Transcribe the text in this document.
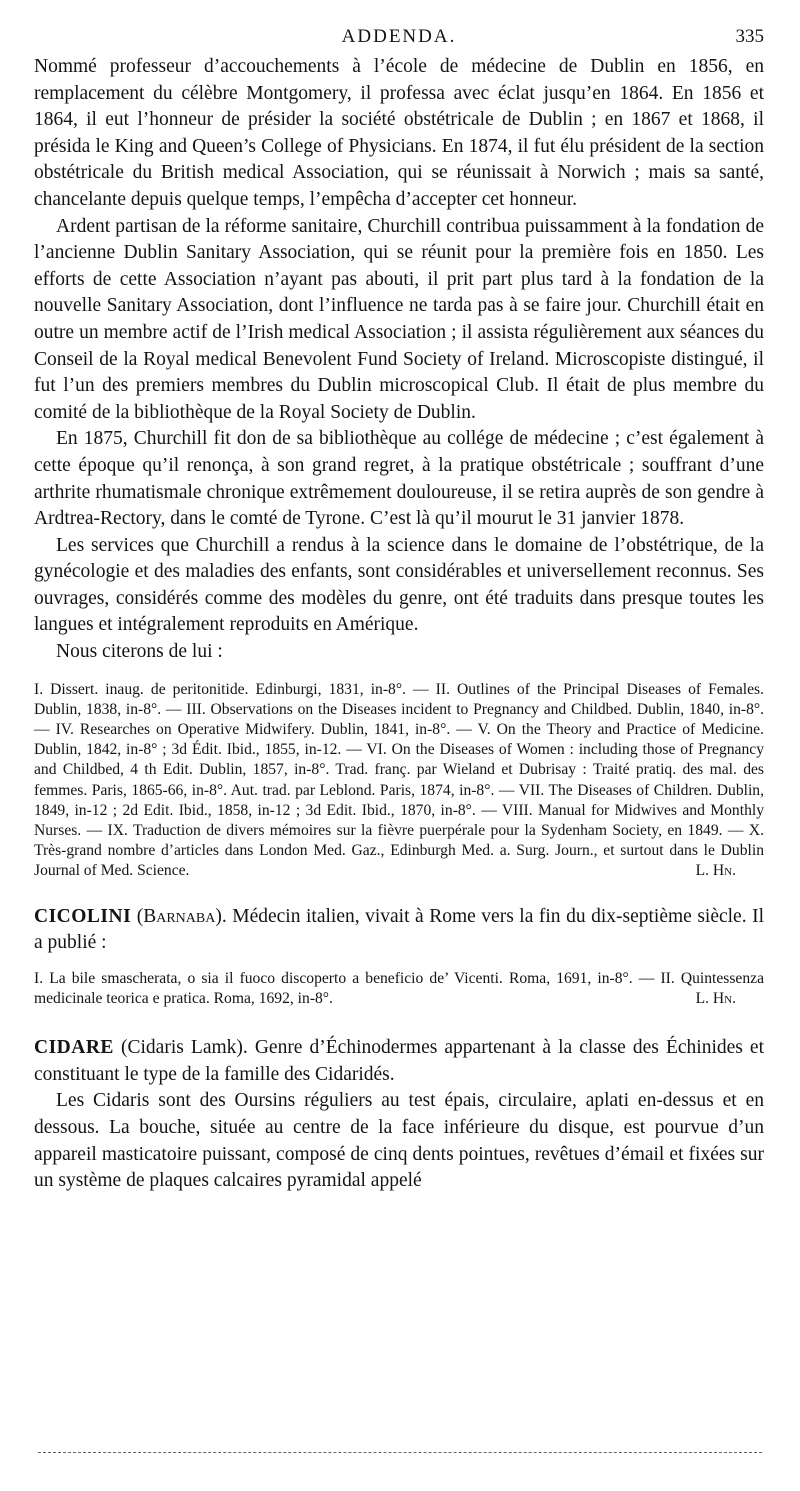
ADDENDA.	335

Nommé professeur d’accouchements à l’école de médecine de Dublin en 1856, en remplacement du célèbre Montgomery, il professa avec éclat jusqu’en 1864. En 1856 et 1864, il eut l’honneur de présider la société obstétricale de Dublin ; en 1867 et 1868, il présida le King and Queen’s College of Physicians. En 1874, il fut élu président de la section obstétricale du British medical Association, qui se réunissait à Norwich ; mais sa santé, chancelante depuis quelque temps, l’empêcha d’accepter cet honneur.

Ardent partisan de la réforme sanitaire, Churchill contribua puissamment à la fondation de l’ancienne Dublin Sanitary Association, qui se réunit pour la première fois en 1850. Les efforts de cette Association n’ayant pas abouti, il prit part plus tard à la fondation de la nouvelle Sanitary Association, dont l’influence ne tarda pas à se faire jour. Churchill était en outre un membre actif de l’Irish medical Association ; il assista régulièrement aux séances du Conseil de la Royal medical Benevolent Fund Society of Ireland. Microscopiste distingué, il fut l’un des premiers membres du Dublin microscopical Club. Il était de plus membre du comité de la bibliothèque de la Royal Society de Dublin.

En 1875, Churchill fit don de sa bibliothèque au collége de médecine ; c’est également à cette époque qu’il renonça, à son grand regret, à la pratique obstétricale ; souffrant d’une arthrite rhumatismale chronique extrêmement douloureuse, il se retira auprès de son gendre à Ardtrea-Rectory, dans le comté de Tyrone. C’est là qu’il mourut le 31 janvier 1878.

Les services que Churchill a rendus à la science dans le domaine de l’obstétrique, de la gynécologie et des maladies des enfants, sont considérables et universellement reconnus. Ses ouvrages, considérés comme des modèles du genre, ont été traduits dans presque toutes les langues et intégralement reproduits en Amérique.

Nous citerons de lui :

I. Dissert. inaug. de peritonitide. Edinburgi, 1831, in-8°. — II. Outlines of the Principal Diseases of Females. Dublin, 1838, in-8°. — III. Observations on the Diseases incident to Pregnancy and Childbed. Dublin, 1840, in-8°. — IV. Researches on Operative Midwifery. Dublin, 1841, in-8°. — V. On the Theory and Practice of Medicine. Dublin, 1842, in-8° ; 3d Édit. Ibid., 1855, in-12. — VI. On the Diseases of Women : including those of Pregnancy and Childbed, 4 th Edit. Dublin, 1857, in-8°. Trad. franç. par Wieland et Dubrisay : Traité pratiq. des mal. des femmes. Paris, 1865-66, in-8°. Aut. trad. par Leblond. Paris, 1874, in-8°. — VII. The Diseases of Children. Dublin, 1849, in-12 ; 2d Edit. Ibid., 1858, in-12 ; 3d Edit. Ibid., 1870, in-8°. — VIII. Manual for Midwives and Monthly Nurses. — IX. Traduction de divers mémoires sur la fièvre puerpérale pour la Sydenham Society, en 1849. — X. Très-grand nombre d’articles dans London Med. Gaz., Edinburgh Med. a. Surg. Journ., et surtout dans le Dublin Journal of Med. Science.	L. Hn.

CICOLINI (Barnaba). Médecin italien, vivait à Rome vers la fin du dix-septième siècle. Il a publié :

I. La bile smascherata, o sia il fuoco discoperto a beneficio de’ Vicenti. Roma, 1691, in-8°. — II. Quintessenza medicinale teorica e pratica. Roma, 1692, in-8°.	L. Hn.

CIDARE (Cidaris Lamk). Genre d’Échinodermes appartenant à la classe des Échinides et constituant le type de la famille des Cidaridés.

Les Cidaris sont des Oursins réguliers au test épais, circulaire, aplati en-dessus et en dessous. La bouche, située au centre de la face inférieure du disque, est pourvue d’un appareil masticatoire puissant, composé de cinq dents pointues, revêtues d’émail et fixées sur un système de plaques calcaires pyramidal appelé
